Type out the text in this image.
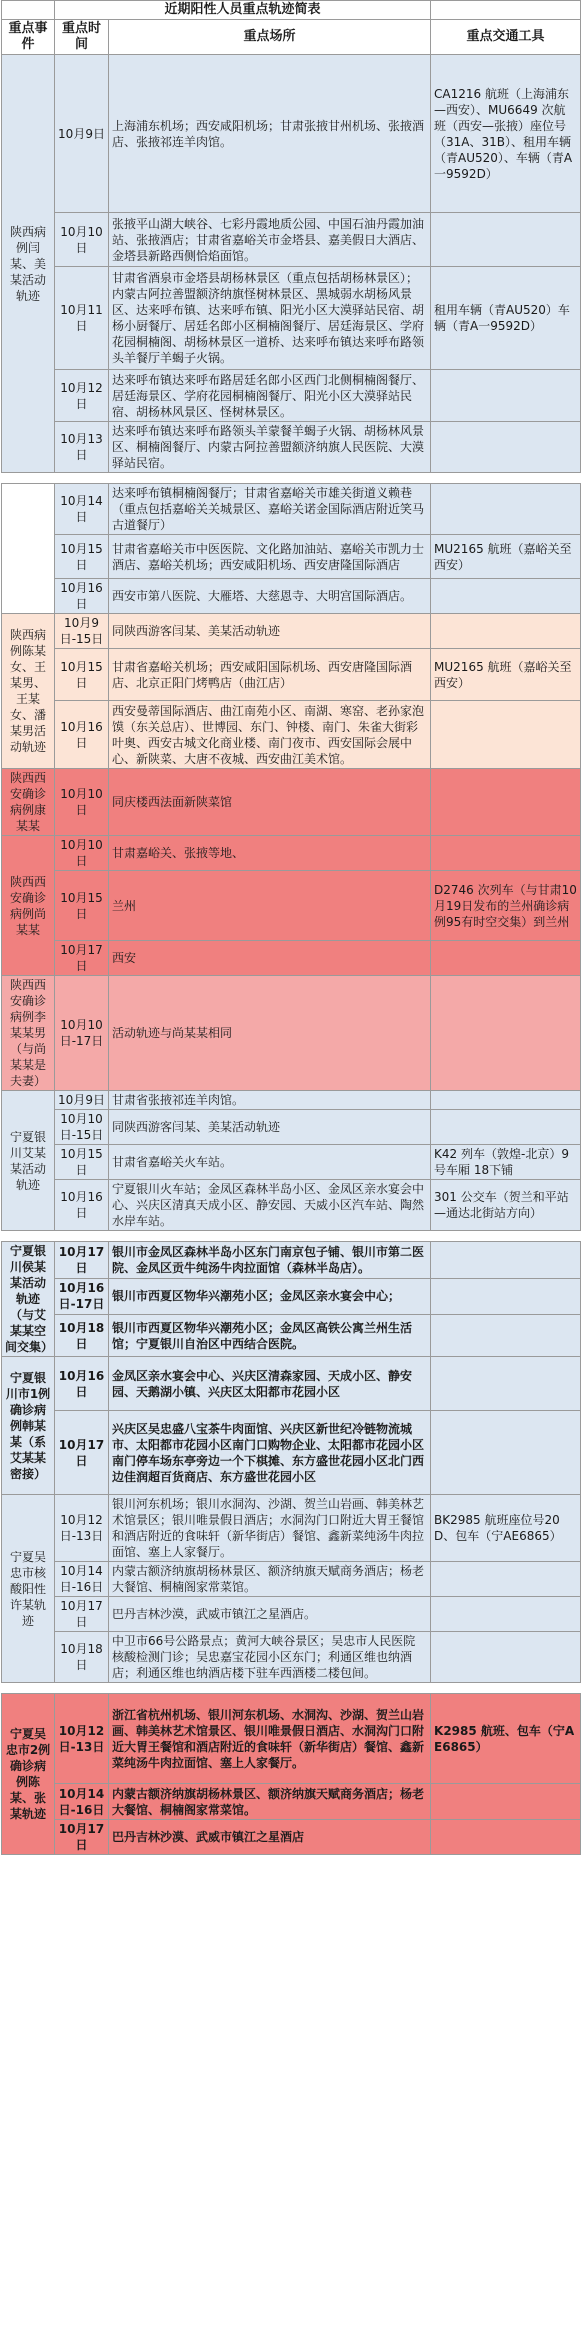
	近期阳性人员重点轨迹简表		
重点事件	重点时间	重点场所	重点交通工具
陕西病例闫某、美某活动轨迹	10月9日	上海浦东机场；西安咸阳机场；甘肃张掖甘州机场、张掖酒店、张掖祁连羊肉馆。	CA1216 航班（上海浦东—西安）、MU6649 次航班（西安—张掖）座位号（31A、31B）、租用车辆（青AU520）、车辆（青A一9592D）
	10月10日	张掖平山湖大峡谷、七彩丹霞地质公园、中国石油丹霞加油站、张掖酒店；甘肃省嘉峪关市金塔县、嘉美假日大酒店、金塔县新路西侧恰焰面馆。	
	10月11日	甘肃省酒泉市金塔县胡杨林景区（重点包括胡杨林景区）；内蒙古阿拉善盟额济纳旗怪树林景区、黑城弱水胡杨风景区、达来呼布镇、达来呼布镇、阳光小区大漠驿站民宿、胡杨小厨餐厅、居廷名郎小区桐楠阁餐厅、居廷海景区、学府花园桐楠阁、胡杨林景区一道桥、达来呼布镇达来呼布路领头羊餐厅羊蝎子火锅。	租用车辆（青AU520）车辆（青A一9592D）
	10月12日	达来呼布镇达来呼布路居廷名郎小区西门北侧桐楠阁餐厅、居廷海景区、学府花园桐楠阁餐厅、阳光小区大漠驿站民宿、胡杨林风景区、怪树林景区。	
	10月13日	达来呼布镇达来呼布路领头羊蒙餐羊蝎子火锅、胡杨林风景区、桐楠阁餐厅、内蒙古阿拉善盟额济纳旗人民医院、大漠驿站民宿。	

	10月14日	达来呼布镇桐楠阁餐厅；甘肃省嘉峪关市雄关街道义赖巷（重点包括嘉峪关关城景区、嘉峪关诺金国际酒店附近笑马古道餐厅）	
	10月15日	甘肃省嘉峪关市中医医院、文化路加油站、嘉峪关市凯力士酒店、嘉峪关机场；西安咸阳机场、西安唐隆国际酒店	MU2165 航班（嘉峪关至西安）
	10月16日	西安市第八医院、大雁塔、大慈恩寺、大明宫国际酒店。	
陕西病例陈某女、王某男、王某女、潘某男活动轨迹	10月9日-15日	同陕西游客闫某、美某活动轨迹	
	10月15日	甘肃省嘉峪关机场；西安咸阳国际机场、西安唐隆国际酒店、北京正阳门烤鸭店（曲江店）	MU2165 航班（嘉峪关至西安）
	10月16日	西安曼蒂国际酒店、曲江南苑小区、南湖、寒窑、老孙家泡馍（东关总店）、世博园、东门、钟楼、南门、朱雀大街彩叶奥、西安古城文化商业楼、南门夜市、西安国际会展中心、新陕菜、大唐不夜城、西安曲江美术馆。	
陕西西安确诊病例康某某	10月10日	同庆楼西法面新陕菜馆	
陕西西安确诊病例尚某某	10月10日	甘肃嘉峪关、张掖等地、	
	10月15日	兰州	D2746 次列车（与甘肃10月19日发布的兰州确诊病例95有时空交集）到兰州
	10月17日	西安	
陕西西安确诊病例李某某男（与尚某某是夫妻）	10月10日-17日	活动轨迹与尚某某相同	
宁夏银川艾某某活动轨迹	10月9日	甘肃省张掖祁连羊肉馆。	
	10月10日-15日	同陕西游客闫某、美某活动轨迹	
	10月15日	甘肃省嘉峪关火车站。	K42 列车（敦煌-北京）9号车厢 18下铺
	10月16日	宁夏银川火车站；金凤区森林半岛小区、金凤区亲水宴会中心、兴庆区清真天成小区、静安园、天威小区汽车站、陶然水岸车站。	301 公交车（贺兰和平站—通达北街站方向）

宁夏银川侯某某活动轨迹（与艾某某空间交集）	10月17日	银川市金凤区森林半岛小区东门南京包子铺、银川市第二医院、金凤区贡牛纯汤牛肉拉面馆（森林半岛店）。	
	10月16日-17日	银川市西夏区物华兴潮苑小区；金凤区亲水宴会中心；	
	10月18日	银川市西夏区物华兴潮苑小区；金凤区高铁公寓兰州生活馆；宁夏银川自治区中西结合医院。	
宁夏银川市1例确诊病例韩某某（系艾某某密接）	10月16日	金凤区亲水宴会中心、兴庆区清森家园、天成小区、静安园、天鹅湖小镇、兴庆区太阳都市花园小区	
	10月17日	兴庆区吴忠盛八宝茶牛肉面馆、兴庆区新世纪冷链物流城市、太阳都市花园小区南门口购物企业、太阳都市花园小区南门停车场东亭旁边一个下棋摊、东方盛世花园小区北门西边佳润超百货商店、东方盛世花园小区	
宁夏吴忠市核酸阳性许某轨迹	10月12日-13日	银川河东机场；银川水洞沟、沙湖、贺兰山岩画、韩美林艺术馆景区；银川唯景假日酒店；水洞沟门口附近大胃王餐馆和酒店附近的食味轩（新华街店）餐馆、鑫新菜纯汤牛肉拉面馆、塞上人家餐厅。	BK2985 航班座位号20D、包车（宁AE6865）
	10月14日-16日	内蒙古额济纳旗胡杨林景区、额济纳旗天赋商务酒店；杨老大餐馆、桐楠阁家常菜馆。	
	10月17日	巴丹吉林沙漠，武威市镇江之星酒店。	
	10月18日	中卫市66号公路景点；黄河大峡谷景区；吴忠市人民医院核酸检测门诊；吴忠嘉宝花园小区东门；利通区维也纳酒店；利通区维也纳酒店楼下驻车西酒楼二楼包间。	

宁夏吴忠市2例确诊病例陈某、张某轨迹	10月12日-13日	浙江省杭州机场、银川河东机场、水洞沟、沙湖、贺兰山岩画、韩美林艺术馆景区、银川唯景假日酒店、水洞沟门口附近大胃王餐馆和酒店附近的食味轩（新华街店）餐馆、鑫新菜纯汤牛肉拉面馆、塞上人家餐厅。	K2985 航班、包车（宁AE6865）
	10月14日-16日	内蒙古额济纳旗胡杨林景区、额济纳旗天赋商务酒店；杨老大餐馆、桐楠阁家常菜馆。	
	10月17日	巴丹吉林沙漠、武威市镇江之星酒店	
